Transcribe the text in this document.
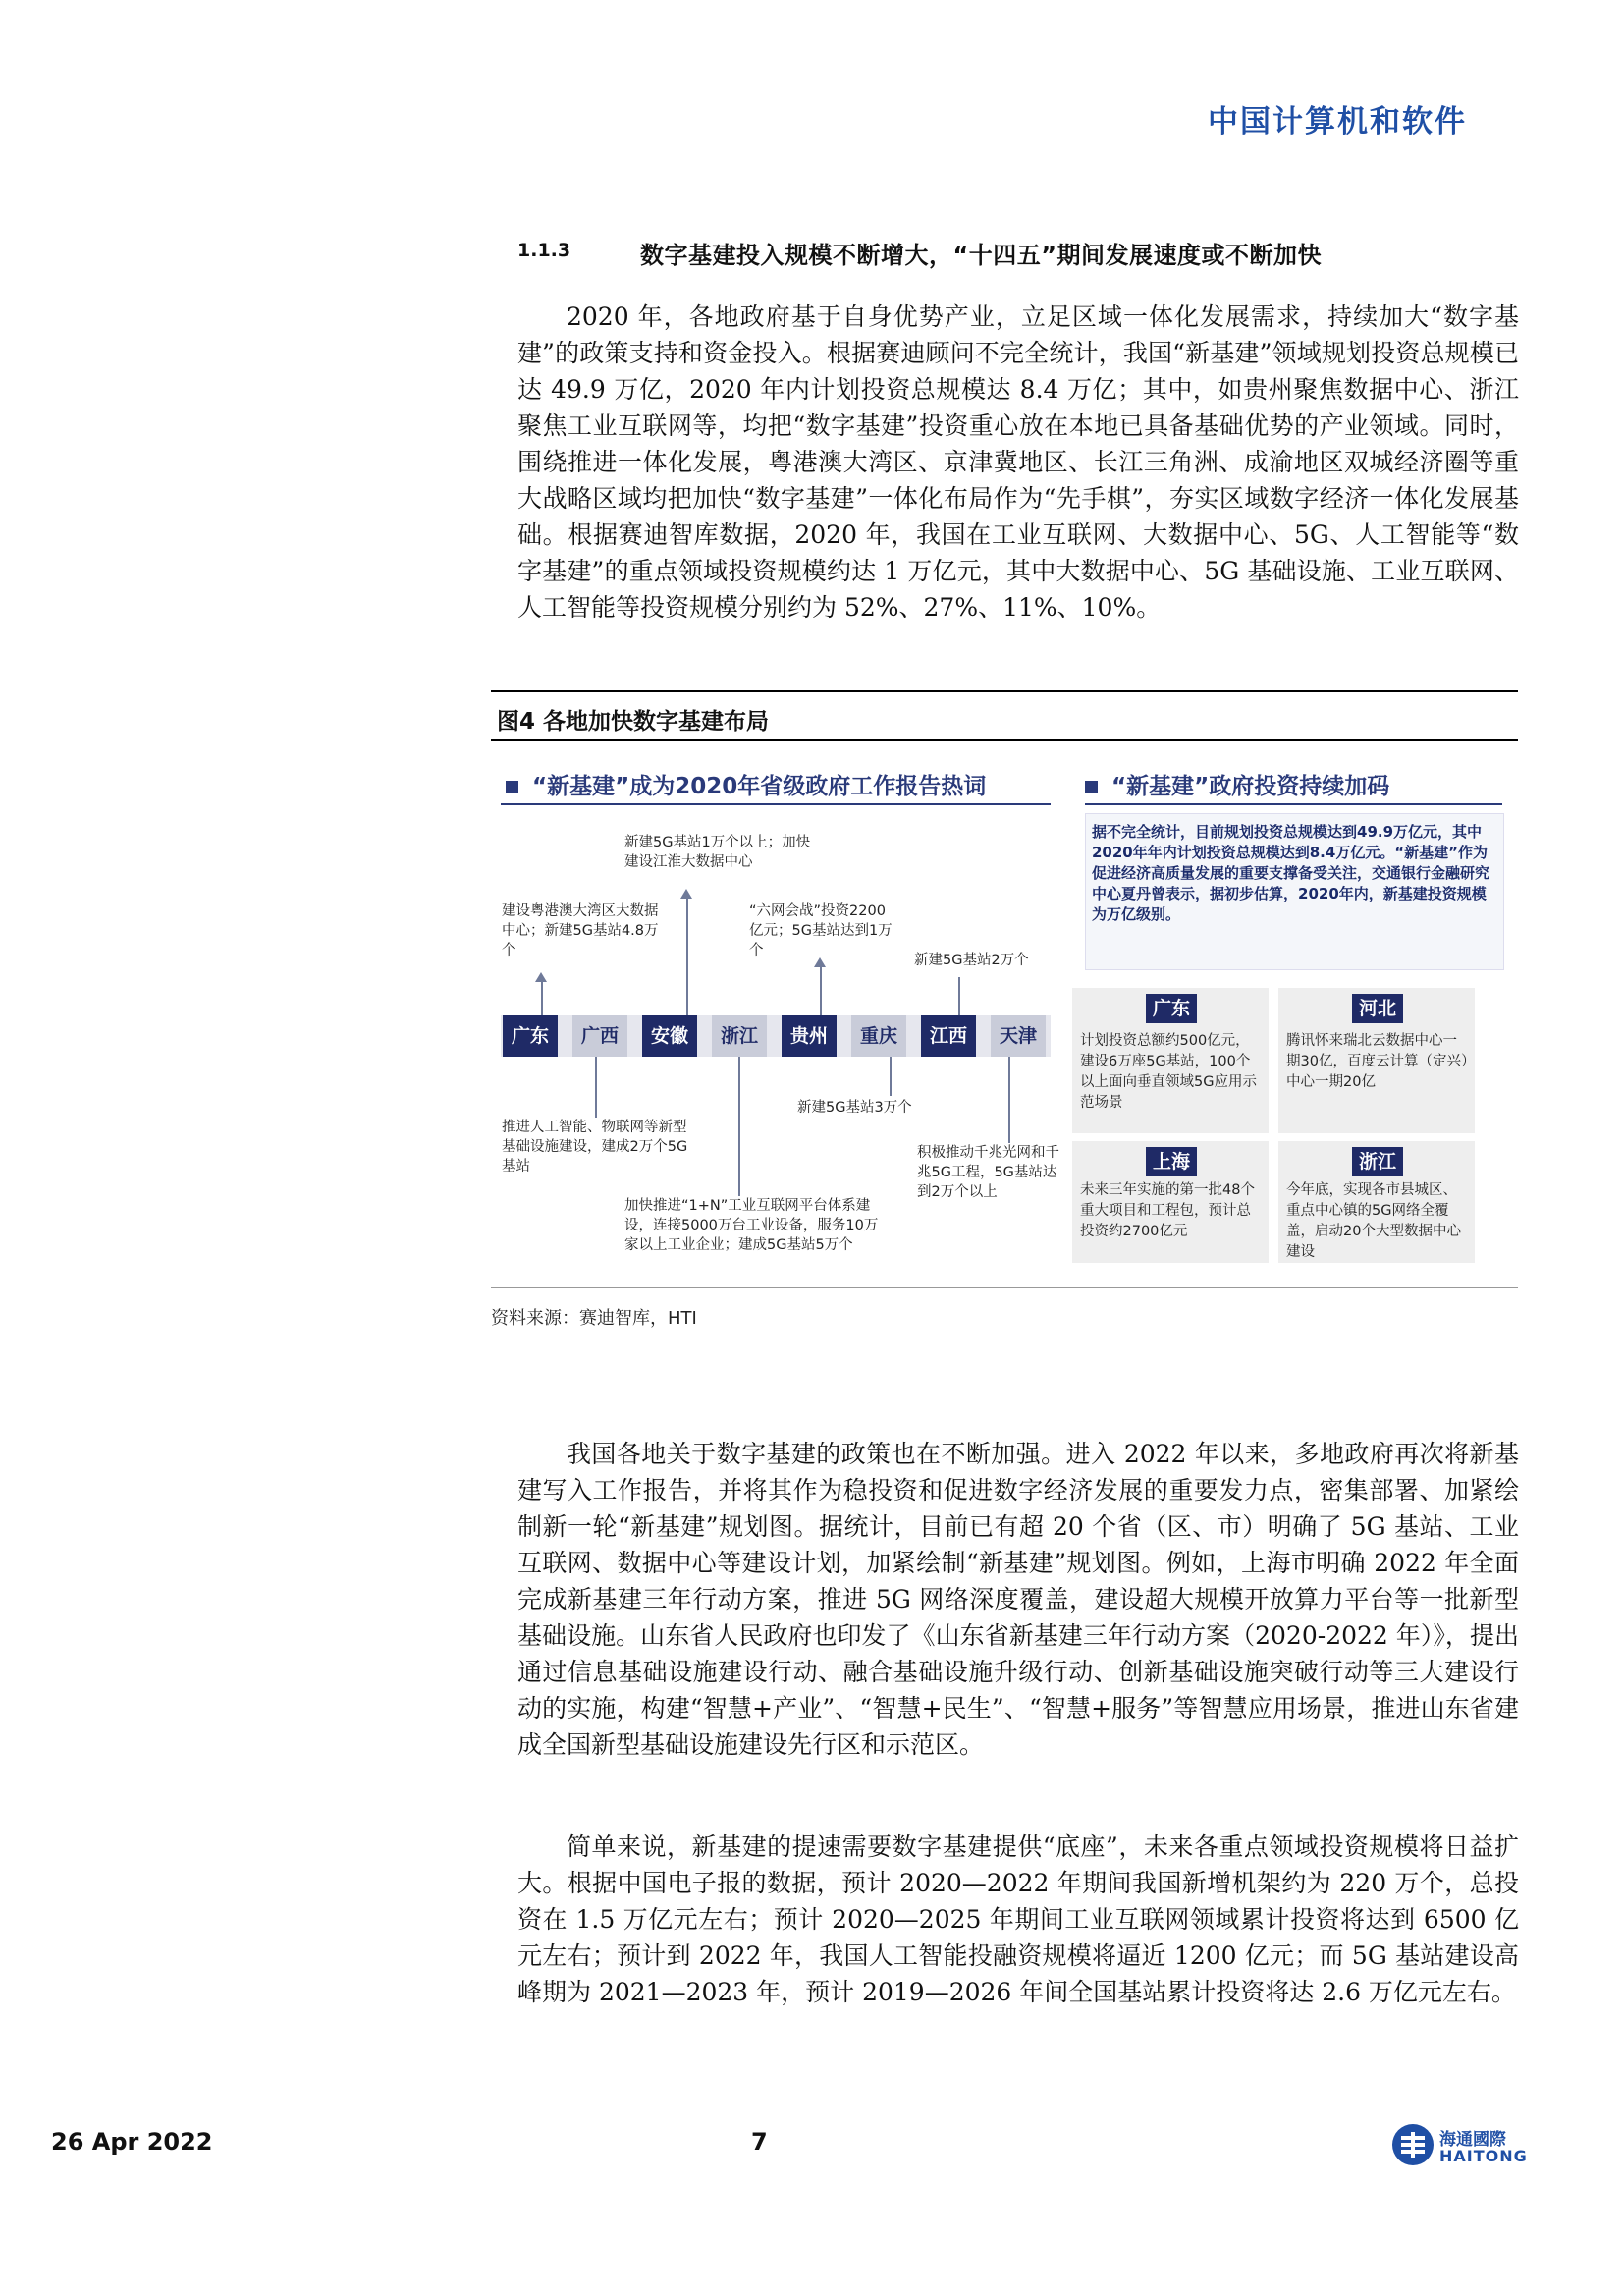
中国计算机和软件
1.1.3	数字基建投入规模不断增大，“十四五”期间发展速度或不断加快

2020 年，各地政府基于自身优势产业，立足区域一体化发展需求，持续加大“数字基建”的政策支持和资金投入。根据赛迪顾问不完全统计，我国“新基建”领域规划投资总规模已达 49.9 万亿，2020 年内计划投资总规模达 8.4 万亿；其中，如贵州聚焦数据中心、浙江聚焦工业互联网等，均把“数字基建”投资重心放在本地已具备基础优势的产业领域。同时，围绕推进一体化发展，粤港澳大湾区、京津冀地区、长江三角洲、成渝地区双城经济圈等重大战略区域均把加快“数字基建”一体化布局作为“先手棋”，夯实区域数字经济一体化发展基础。根据赛迪智库数据，2020 年，我国在工业互联网、大数据中心、5G、人工智能等“数字基建”的重点领域投资规模约达 1 万亿元，其中大数据中心、5G 基础设施、工业互联网、人工智能等投资规模分别约为 52%、27%、11%、10%。

图4 各地加快数字基建布局
“新基建”成为2020年省级政府工作报告热词
广东	广西	安徽	浙江	贵州	重庆	江西	天津
建设粤港澳大湾区大数据中心；新建5G基站4.8万个
新建5G基站1万个以上；加快建设江淮大数据中心
“六网会战”投资2200亿元；5G基站达到1万个
新建5G基站2万个
推进人工智能、物联网等新型基础设施建设，建成2万个5G基站
加快推进“1+N”工业互联网平台体系建设，连接5000万台工业设备，服务10万家以上工业企业；建成5G基站5万个
新建5G基站3万个
积极推动千兆光网和千兆5G工程，5G基站达到2万个以上
“新基建”政府投资持续加码
据不完全统计，目前规划投资总规模达到49.9万亿元，其中2020年年内计划投资总规模达到8.4万亿元。“新基建”作为促进经济高质量发展的重要支撑备受关注，交通银行金融研究中心夏丹曾表示，据初步估算，2020年内，新基建投资规模为万亿级别。
广东
计划投资总额约500亿元，建设6万座5G基站，100个以上面向垂直领域5G应用示范场景
河北
腾讯怀来瑞北云数据中心一期30亿，百度云计算（定兴）中心一期20亿
上海
未来三年实施的第一批48个重大项目和工程包，预计总投资约2700亿元
浙江
今年底，实现各市县城区、重点中心镇的5G网络全覆盖，启动20个大型数据中心建设
资料来源：赛迪智库，HTI

我国各地关于数字基建的政策也在不断加强。进入 2022 年以来，多地政府再次将新基建写入工作报告，并将其作为稳投资和促进数字经济发展的重要发力点，密集部署、加紧绘制新一轮“新基建”规划图。据统计，目前已有超 20 个省（区、市）明确了 5G 基站、工业互联网、数据中心等建设计划，加紧绘制“新基建”规划图。例如，上海市明确 2022 年全面完成新基建三年行动方案，推进 5G 网络深度覆盖，建设超大规模开放算力平台等一批新型基础设施。山东省人民政府也印发了《山东省新基建三年行动方案（2020-2022 年）》，提出通过信息基础设施建设行动、融合基础设施升级行动、创新基础设施突破行动等三大建设行动的实施，构建“智慧+产业”、“智慧+民生”、“智慧+服务”等智慧应用场景，推进山东省建成全国新型基础设施建设先行区和示范区。

简单来说，新基建的提速需要数字基建提供“底座”，未来各重点领域投资规模将日益扩大。根据中国电子报的数据，预计 2020—2022 年期间我国新增机架约为 220 万个，总投资在 1.5 万亿元左右；预计 2020—2025 年期间工业互联网领域累计投资将达到 6500 亿元左右；预计到 2022 年，我国人工智能投融资规模将逼近 1200 亿元；而 5G 基站建设高峰期为 2021—2023 年，预计 2019—2026 年间全国基站累计投资将达 2.6 万亿元左右。

26 Apr 2022	7	海通國際
HAITONG
